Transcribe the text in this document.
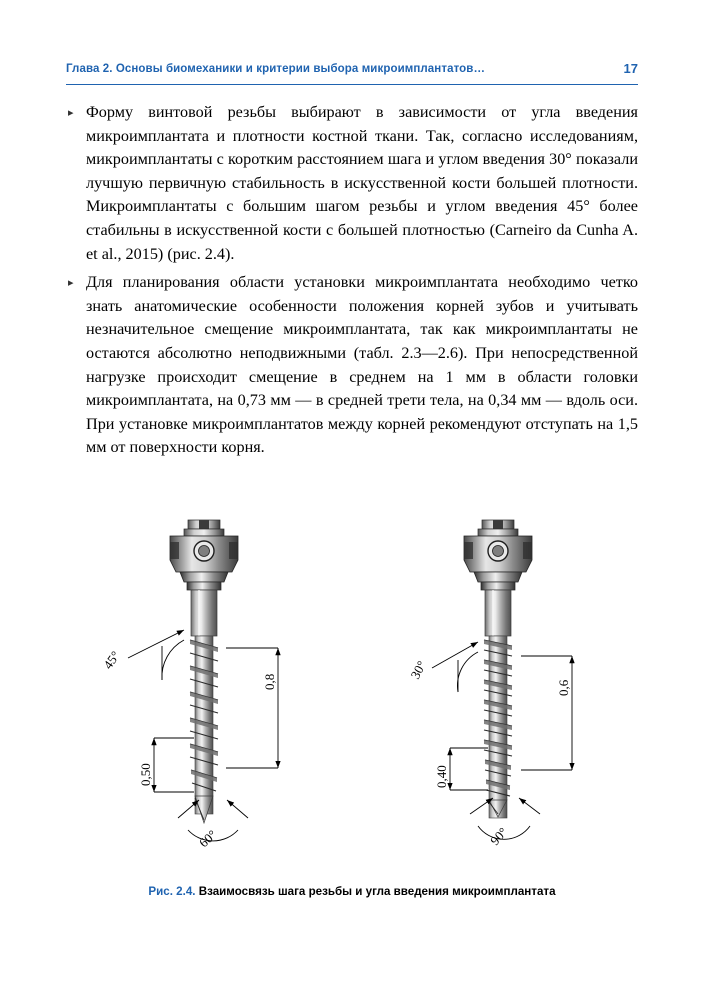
Глава 2. Основы биомеханики и критерии выбора микроимплантатов…	17
▸ Форму винтовой резьбы выбирают в зависимости от угла введения микроимплантата и плотности костной ткани. Так, согласно исследованиям, микроимплантаты с коротким расстоянием шага и углом введения 30° показали лучшую первичную стабильность в искусственной кости большей плотности. Микроимплантаты с большим шагом резьбы и углом введения 45° более стабильны в искусственной кости с большей плотностью (Carneiro da Cunha A. et al., 2015) (рис. 2.4).
▸ Для планирования области установки микроимплантата необходимо четко знать анатомические особенности положения корней зубов и учитывать незначительное смещение микроимплантата, так как микроимплантаты не остаются абсолютно неподвижными (табл. 2.3—2.6). При непосредственной нагрузке происходит смещение в среднем на 1 мм в области головки микроимплантата, на 0,73 мм — в средней трети тела, на 0,34 мм — вдоль оси. При установке микроимплантатов между корней рекомендуют отступать на 1,5 мм от поверхности корня.
45°
0,50
0,8
60°
30°
0,40
0,6
90°
Рис. 2.4. Взаимосвязь шага резьбы и угла введения микроимплантата
